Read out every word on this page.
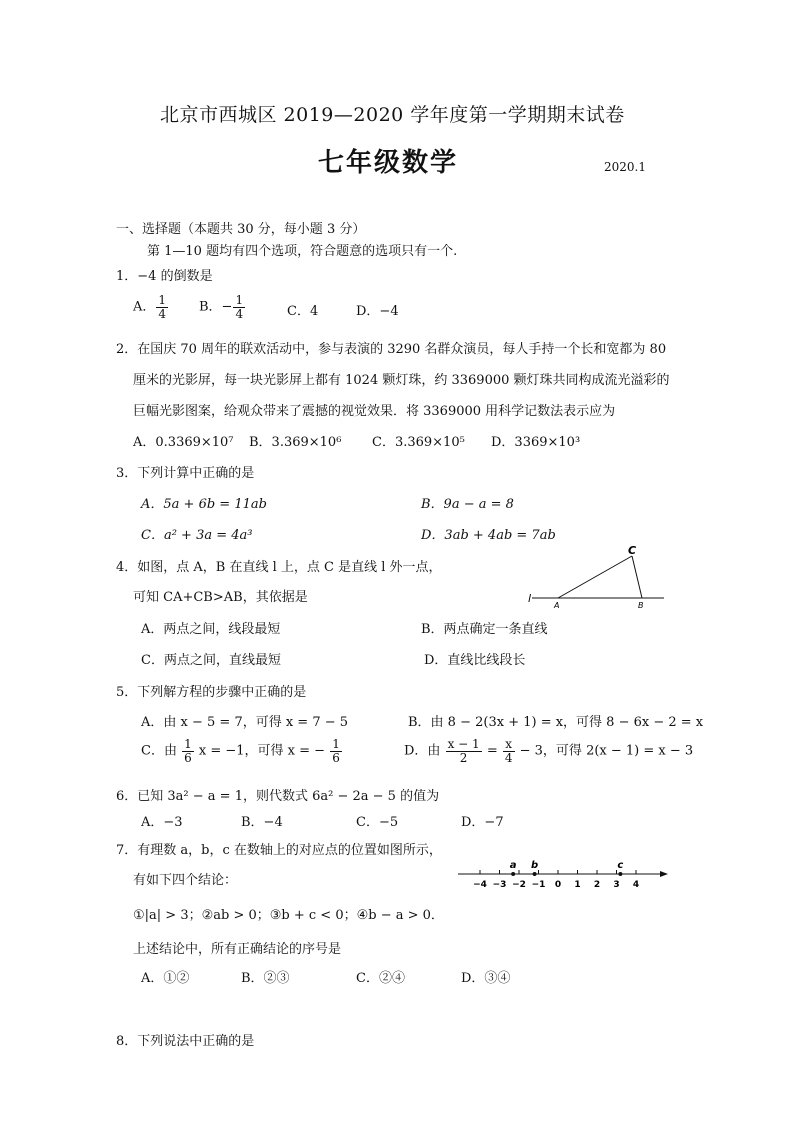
北京市西城区 2019—2020 学年度第一学期期末试卷
七年级数学	2020.1
一、选择题（本题共 30 分，每小题 3 分）
第 1—10 题均有四个选项，符合题意的选项只有一个.
1．−4 的倒数是
A． $\frac{1}{4}$ B．− $\frac{1}{4}$	C．4	D．−4
2．在国庆 70 周年的联欢活动中，参与表演的 3290 名群众演员，每人手持一个长和宽都为 80
厘米的光影屏，每一块光影屏上都有 1024 颗灯珠，约 3369000 颗灯珠共同构成流光溢彩的
巨幅光影图案，给观众带来了震撼的视觉效果．将 3369000 用科学记数法表示应为
A．0.3369×10⁷ B．3.369×10⁶ C．3.369×10⁵ D．3369×10³
3．下列计算中正确的是
A．5a + 6b = 11ab	B．9a − a = 8
C．a² + 3a = 4a³	D．3ab + 4ab = 7ab
4．如图，点 A，B 在直线 l 上，点 C 是直线 l 外一点，
可知 CA+CB>AB，其依据是
A．两点之间，线段最短	B．两点确定一条直线
C．两点之间，直线最短	D．直线比线段长
C
l
A	B
5．下列解方程的步骤中正确的是
A．由 x − 5 = 7，可得 x = 7 − 5	B．由 8 − 2(3x + 1) = x，可得 8 − 6x − 2 = x
C．由 $\frac{1}{6}$ x = −1，可得 x = − $\frac{1}{6}$	D．由 $\frac{x - 1}{2} = \frac{x}{4} - 3$，可得 2(x − 1) = x − 3
6．已知 3a² − a = 1，则代数式 6a² − 2a − 5 的值为
A．−3	B．−4	C．−5	D．−7
7．有理数 a，b，c 在数轴上的对应点的位置如图所示，
有如下四个结论：
①|a| > 3；②ab > 0；③b + c < 0；④b − a > 0．
上述结论中，所有正确结论的序号是
A．①②	B．②③	C．②④	D．③④
−4 −3 −2 −1 0 1 2 3 4
a b	c
8．下列说法中正确的是
